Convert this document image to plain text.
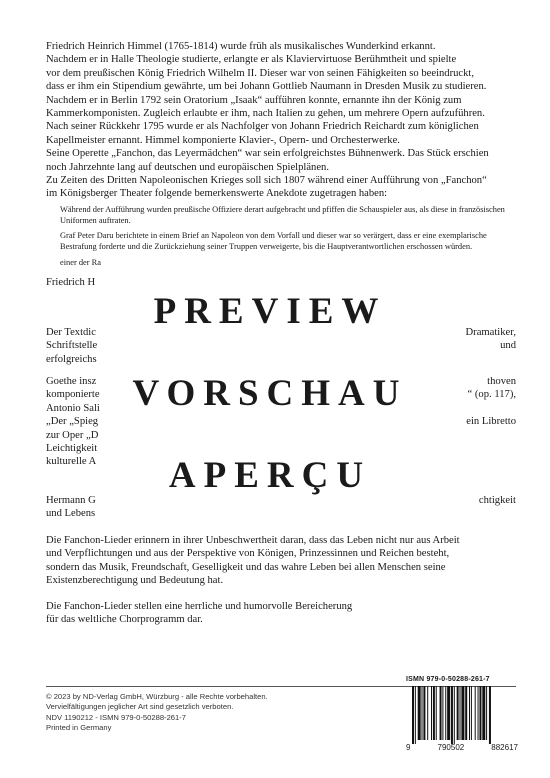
Friedrich Heinrich Himmel (1765-1814) wurde früh als musikalisches Wunderkind erkannt.

Nachdem er in Halle Theologie studierte, erlangte er als Klaviervirtuose Berühmtheit und spielte

vor dem preußischen König Friedrich Wilhelm II. Dieser war von seinen Fähigkeiten so beeindruckt,

dass er ihm ein Stipendium gewährte, um bei Johann Gottlieb Naumann in Dresden Musik zu studieren.

Nachdem er in Berlin 1792 sein Oratorium „Isaak“ aufführen konnte, ernannte ihn der König zum

Kammerkomponisten. Zugleich erlaubte er ihm, nach Italien zu gehen, um mehrere Opern aufzuführen.

Nach seiner Rückkehr 1795 wurde er als Nachfolger von Johann Friedrich Reichardt zum königlichen

Kapellmeister ernannt. Himmel komponierte Klavier-, Opern- und Orchesterwerke.

Seine Operette „Fanchon, das Leyermädchen“ war sein erfolgreichstes Bühnenwerk. Das Stück erschien

noch Jahrzehnte lang auf deutschen und europäischen Spielplänen.

Zu Zeiten des Dritten Napoleonischen Krieges soll sich 1807 während einer Aufführung von „Fanchon“

im Königsberger Theater folgende bemerkenswerte Anekdote zugetragen haben:

Während der Aufführung wurden preußische Offiziere derart aufgebracht und pfiffen die Schauspieler aus, als diese in französischen Uniformen auftraten.

Graf Peter Daru berichtete in einem Brief an Napoleon von dem Vorfall und dieser war so verärgert, dass er eine exemplarische Bestrafung forderte und die Zurückziehung seiner Truppen verweigerte, bis die Hauptverantwortlichen erschossen würden.

einer der Ra

Friedrich H
Der Textdic	Dramatiker,
Schriftstelle	und
erfolgreichs
Goethe insz	thoven
komponierte	“ (op. 117),
Antonio Sali
„Der „Spieg	ein Libretto
zur Oper „D
Leichtigkeit
kulturelle A
Hermann G	chtigkeit
und Lebens
PREVIEW
VORSCHAU
APERÇU

Die Fanchon-Lieder erinnern in ihrer Unbeschwertheit daran, dass das Leben nicht nur aus Arbeit

und Verpflichtungen und aus der Perspektive von Königen, Prinzessinnen und Reichen besteht,

sondern das Musik, Freundschaft, Geselligkeit und das wahre Leben bei allen Menschen seine

Existenzberechtigung und Bedeutung hat.

Die Fanchon-Lieder stellen eine herrliche und humorvolle Bereicherung

für das weltliche Chorprogramm dar.

© 2023 by ND-Verlag GmbH, Würzburg - alle Rechte vorbehalten.

Vervielfältigungen jeglicher Art sind gesetzlich verboten.

NDV 1190212 - ISMN 979-0-50288-261-7

Printed in Germany

ISMN 979-0-50288-261-7
9	790502	882617
